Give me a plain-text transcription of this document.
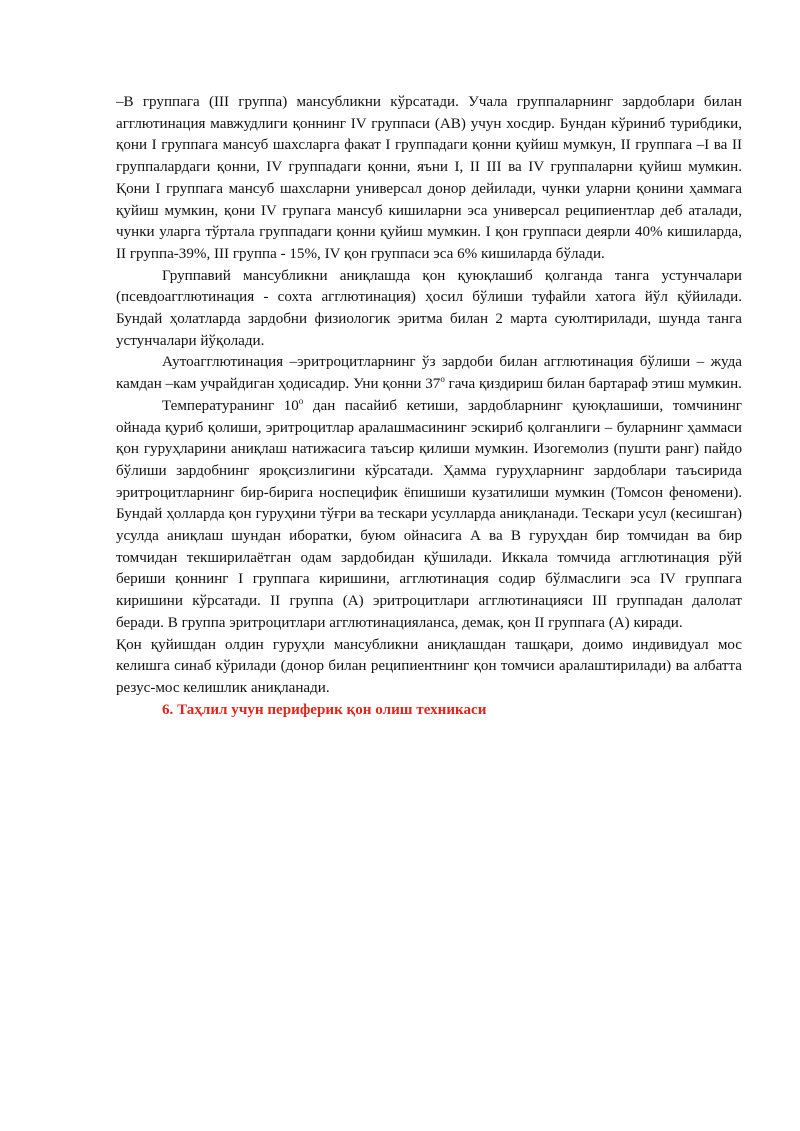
–В группага (III группа) мансубликни кўрсатади. Учала группаларнинг зардоблари билан агглютинация мавжудлиги қоннинг IV группаси (АВ) учун хосдир. Бундан кўриниб турибдики, қони I группага мансуб шахсларга факат I группадаги қонни қуйиш мумкун, II группага –I ва II группалардаги қонни, IV группадаги қонни, яъни I, II III ва IV группаларни қуйиш мумкин. Қони I группага мансуб шахсларни универсал донор дейилади, чунки уларни қонини ҳаммага қуйиш мумкин, қони IV групага мансуб кишиларни эса универсал реципиентлар деб аталади, чунки уларга тўртала группадаги қонни қуйиш мумкин. I қон группаси деярли 40% кишиларда, II группа-39%, III группа - 15%, IV қон группаси эса 6% кишиларда бўлади.

Группавий мансубликни аниқлашда қон қуюқлашиб қолганда танга устунчалари (псевдоагглютинация - сохта агглютинация) ҳосил бўлиши туфайли хатога йўл қўйилади. Бундай ҳолатларда зардобни физиологик эритма билан 2 марта суюлтирилади, шунда танга устунчалари йўқолади.

Аутоагглютинация –эритроцитларнинг ўз зардоби билан агглютинация бўлиши – жуда камдан –кам учрайдиган ҳодисадир. Уни қонни $37^о$ гача қиздириш билан бартараф этиш мумкин.

Температуранинг $10^о$ дан пасайиб кетиши, зардобларнинг қуюқлашиши, томчининг ойнада қуриб қолиши, эритроцитлар аралашмасининг эскириб қолганлиги – буларнинг ҳаммаси қон гуруҳларини аниқлаш натижасига таъсир қилиши мумкин. Изогемолиз (пушти ранг) пайдо бўлиши зардобнинг яроқсизлигини кўрсатади. Ҳамма гуруҳларнинг зардоблари таъсирида эритроцитларнинг бир-бирига носпецифик ёпишиши кузатилиши мумкин (Томсон феномени). Бундай ҳолларда қон гуруҳини тўғри ва тескари усулларда аниқланади. Тескари усул (кесишган) усулда аниқлаш шундан иборатки, буюм ойнасига А ва В гуруҳдан бир томчидан ва бир томчидан текширилаётган одам зардобидан қўшилади. Иккала томчида агглютинация рўй бериши қоннинг I группага киришини, агглютинация содир бўлмаслиги эса IV группага киришини кўрсатади. II группа (А) эритроцитлари агглютинацияси III группадан далолат беради. В группа эритроцитлари агглютинацияланса, демак, қон II группага (А) киради.

Қон қуйишдан олдин гуруҳли мансубликни аниқлашдан ташқари, доимо индивидуал мос келишга синаб кўрилади (донор билан реципиентнинг қон томчиси аралаштирилади) ва албатта резус-мос келишлик аниқланади.

6. Таҳлил учун периферик қон олиш техникаси
